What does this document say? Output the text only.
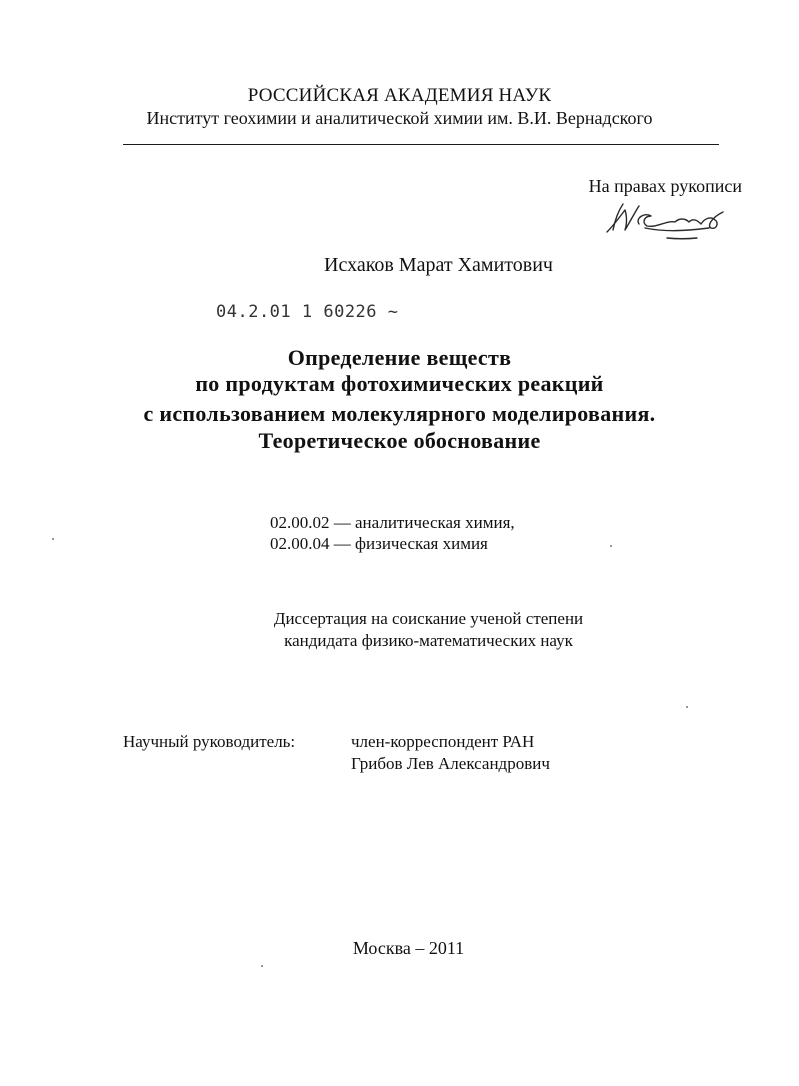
РОССИЙСКАЯ АКАДЕМИЯ НАУК
Институт геохимии и аналитической химии им. В.И. Вернадского
На правах рукописи
Исхаков Марат Хамитович
04.2.01 1 60226 ~
Определение веществ
по продуктам фотохимических реакций
с использованием молекулярного моделирования.
Теоретическое обоснование
02.00.02 — аналитическая химия,
02.00.04 — физическая химия
Диссертация на соискание ученой степени
кандидата физико-математических наук
Научный руководитель:	член-корреспондент РАН
Грибов Лев Александрович
Москва – 2011
